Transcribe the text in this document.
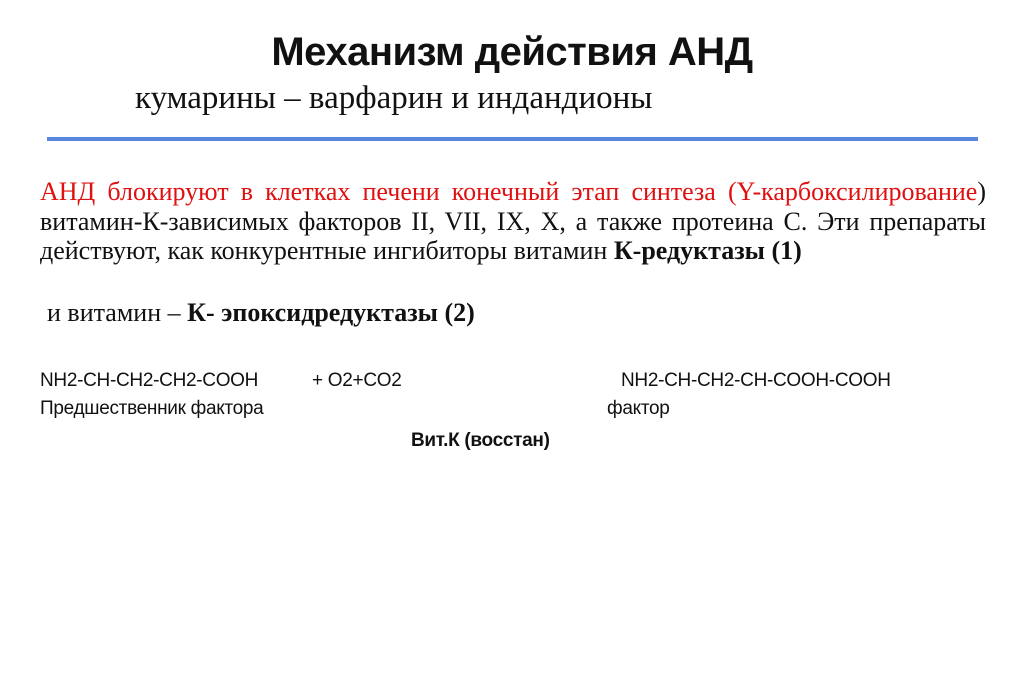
Механизм действия АНД
кумарины – варфарин и индандионы
АНД блокируют в клетках печени конечный этап синтеза (Y-карбоксилирование) витамин-К-зависимых факторов II, VII, IX, X, а также протеина С. Эти препараты действуют, как конкурентные ингибиторы витамин К-редуктазы (1)
и витамин – К- эпоксидредуктазы (2)
NH2-CH-CH2-CH2-COOH	+ O2+CO2	NH2-CH-CH2-CH-COOH-COOH
Предшественник фактора	фактор
Вит.К (восстан)
